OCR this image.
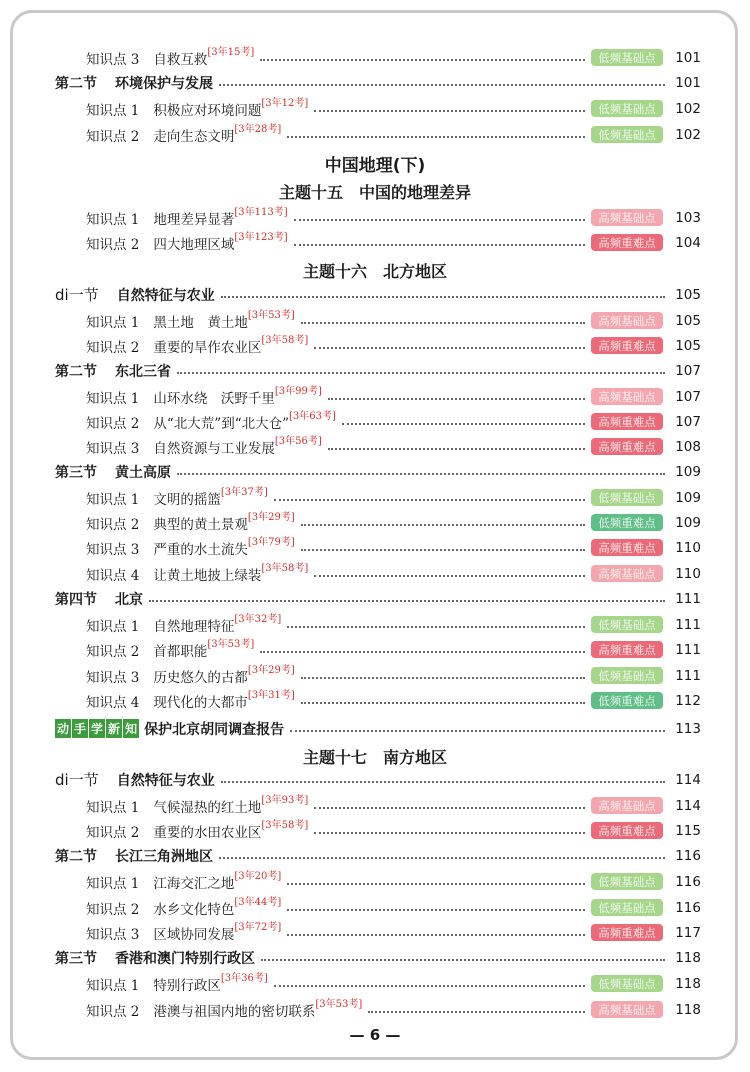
知识点 3 自救互救 [3年15考]	低频基础点	101
第二节 环境保护与发展	101
知识点 1 积极应对环境问题 [3年12考]	低频基础点	102
知识点 2 走向生态文明 [3年28考]	低频基础点	102
中国地理(下)
主题十五　中国的地理差异
知识点 1 地理差异显著 [3年113考]	高频基础点	103
知识点 2 四大地理区域 [3年123考]	高频重难点	104
主题十六　北方地区
di一节 自然特征与农业	105
知识点 1 黑土地　黄土地 [3年53考]	高频基础点	105
知识点 2 重要的旱作农业区 [3年58考]	高频重难点	105
第二节 东北三省	107
知识点 1 山环水绕　沃野千里 [3年99考]	高频基础点	107
知识点 2 从“北大荒”到“北大仓” [3年63考]	高频重难点	107
知识点 3 自然资源与工业发展 [3年56考]	高频重难点	108
第三节 黄土高原	109
知识点 1 文明的摇篮 [3年37考]	低频基础点	109
知识点 2 典型的黄土景观 [3年29考]	低频重难点	109
知识点 3 严重的水土流失 [3年79考]	高频重难点	110
知识点 4 让黄土地披上绿装 [3年58考]	高频基础点	110
第四节 北京	111
知识点 1 自然地理特征 [3年32考]	低频基础点	111
知识点 2 首都职能 [3年53考]	高频重难点	111
知识点 3 历史悠久的古都 [3年29考]	低频基础点	111
知识点 4 现代化的大都市 [3年31考]	低频重难点	112
动 手 学 新 知 保护北京胡同调查报告	113
主题十七　南方地区
di一节 自然特征与农业	114
知识点 1 气候湿热的红土地 [3年93考]	高频基础点	114
知识点 2 重要的水田农业区 [3年58考]	高频重难点	115
第二节 长江三角洲地区	116
知识点 1 江海交汇之地 [3年20考]	低频基础点	116
知识点 2 水乡文化特色 [3年44考]	低频基础点	116
知识点 3 区域协同发展 [3年72考]	高频重难点	117
第三节 香港和澳门特别行政区	118
知识点 1 特别行政区 [3年36考]	低频基础点	118
知识点 2 港澳与祖国内地的密切联系 [3年53考]	高频基础点	118
— 6 —
